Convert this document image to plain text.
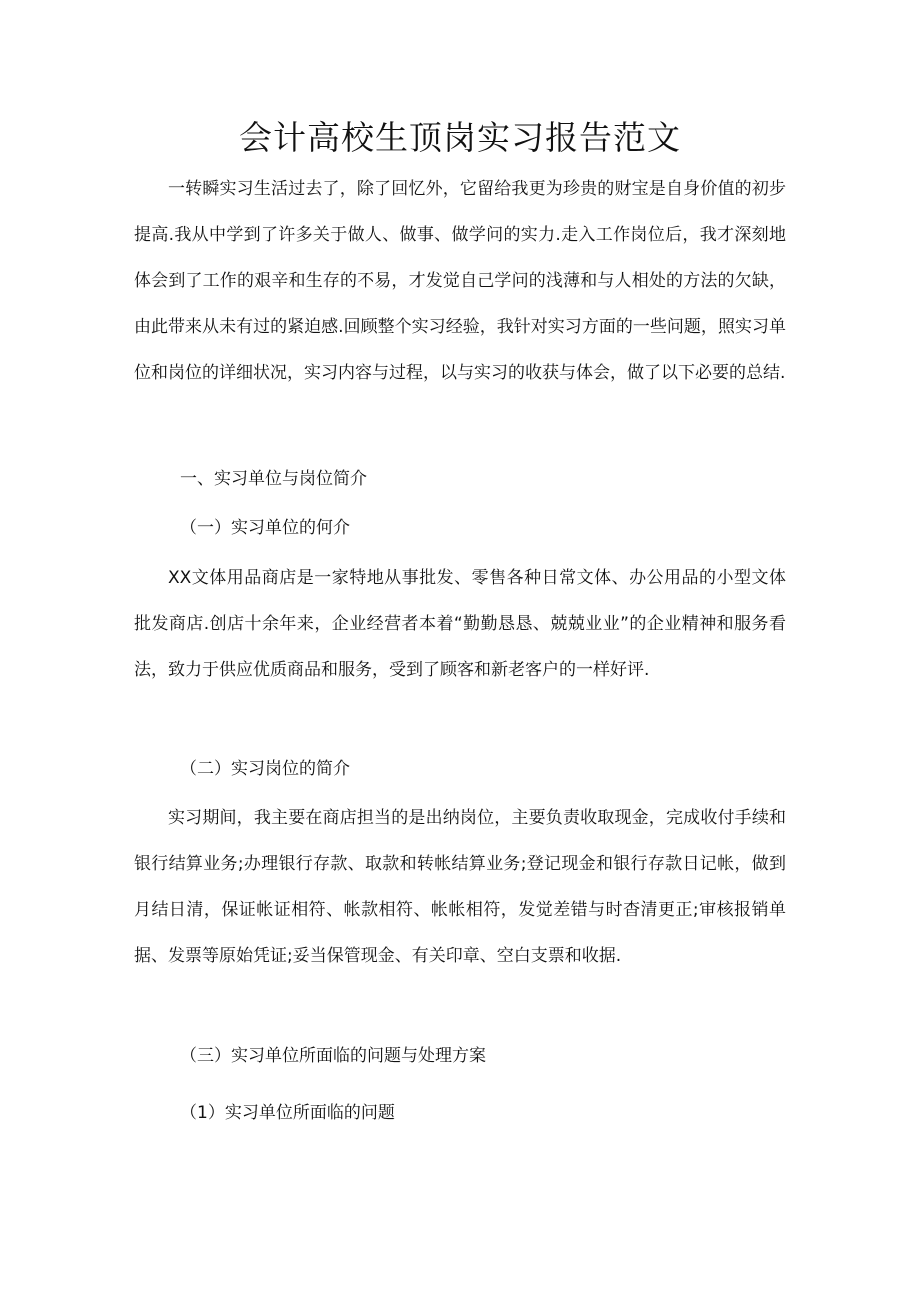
会计高校生顶岗实习报告范文

一转瞬实习生活过去了，除了回忆外，它留给我更为珍贵的财宝是自身价值的初步提高.我从中学到了许多关于做人、做事、做学问的实力.走入工作岗位后，我才深刻地体会到了工作的艰辛和生存的不易，才发觉自己学问的浅薄和与人相处的方法的欠缺，由此带来从未有过的紧迫感.回顾整个实习经验，我针对实习方面的一些问题，照实习单位和岗位的详细状况，实习内容与过程，以与实习的收获与体会，做了以下必要的总结.

一、实习单位与岗位简介

（一）实习单位的何介

XX文体用品商店是一家特地从事批发、零售各种日常文体、办公用品的小型文体批发商店.创店十余年来，企业经营者本着“勤勤恳恳、兢兢业业”的企业精神和服务看法，致力于供应优质商品和服务，受到了顾客和新老客户的一样好评.

（二）实习岗位的简介

实习期间，我主要在商店担当的是出纳岗位，主要负责收取现金，完成收付手续和银行结算业务;办理银行存款、取款和转帐结算业务;登记现金和银行存款日记帐，做到月结日清，保证帐证相符、帐款相符、帐帐相符，发觉差错与时杳清更正;审核报销单据、发票等原始凭证;妥当保管现金、有关印章、空白支票和收据.

（三）实习单位所面临的问题与处理方案

（1）实习单位所面临的问题
